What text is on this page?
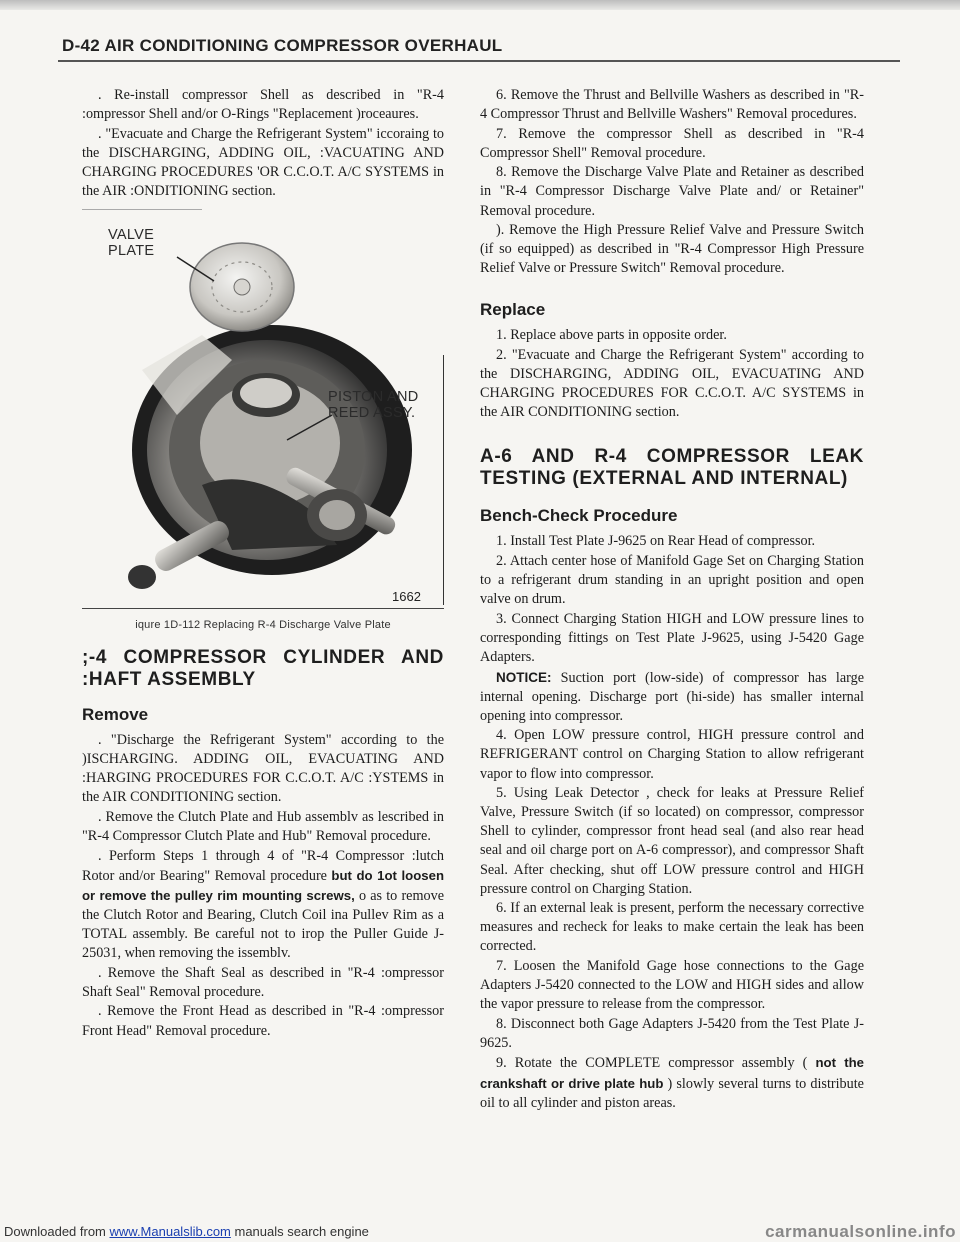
D-42 AIR CONDITIONING COMPRESSOR OVERHAUL

. Re-install compressor Shell as described in "R-4 :ompressor Shell and/or O-Rings "Replacement )roceaures.

. "Evacuate and Charge the Refrigerant System" iccoraing to the DISCHARGING, ADDING OIL, :VACUATING AND CHARGING PROCEDURES 'OR C.C.O.T. A/C SYSTEMS in the AIR :ONDITIONING section.

VALVE
PLATE
PISTON AND
REED ASSY.
1662
iqure 1D-112 Replacing R-4 Discharge Valve Plate
;-4 COMPRESSOR CYLINDER AND :HAFT ASSEMBLY
Remove

. "Discharge the Refrigerant System" according to the )ISCHARGING. ADDING OIL, EVACUATING AND :HARGING PROCEDURES FOR C.C.O.T. A/C :YSTEMS in the AIR CONDITIONING section.

. Remove the Clutch Plate and Hub assemblv as lescribed in "R-4 Compressor Clutch Plate and Hub" Removal procedure.

. Perform Steps 1 through 4 of "R-4 Compressor :lutch Rotor and/or Bearing" Removal procedure but do 1ot loosen or remove the pulley rim mounting screws, o as to remove the Clutch Rotor and Bearing, Clutch Coil ina Pullev Rim as a TOTAL assembly. Be careful not to irop the Puller Guide J-25031, when removing the issemblv.

. Remove the Shaft Seal as described in "R-4 :ompressor Shaft Seal" Removal procedure.

. Remove the Front Head as described in "R-4 :ompressor Front Head" Removal procedure.

6. Remove the Thrust and Bellville Washers as described in "R-4 Compressor Thrust and Bellville Washers" Removal procedures.

7. Remove the compressor Shell as described in "R-4 Compressor Shell" Removal procedure.

8. Remove the Discharge Valve Plate and Retainer as described in "R-4 Compressor Discharge Valve Plate and/ or Retainer" Removal procedure.

). Remove the High Pressure Relief Valve and Pressure Switch (if so equipped) as described in "R-4 Compressor High Pressure Relief Valve or Pressure Switch" Removal procedure.

Replace

1. Replace above parts in opposite order.

2. "Evacuate and Charge the Refrigerant System" according to the DISCHARGING, ADDING OIL, EVACUATING AND CHARGING PROCEDURES FOR C.C.O.T. A/C SYSTEMS in the AIR CONDITIONING section.

A-6 AND R-4 COMPRESSOR LEAK TESTING (EXTERNAL AND INTERNAL)
Bench-Check Procedure

1. Install Test Plate J-9625 on Rear Head of compressor.

2. Attach center hose of Manifold Gage Set on Charging Station to a refrigerant drum standing in an upright position and open valve on drum.

3. Connect Charging Station HIGH and LOW pressure lines to corresponding fittings on Test Plate J-9625, using J-5420 Gage Adapters.

NOTICE: Suction port (low-side) of compressor has large internal opening. Discharge port (hi-side) has smaller internal opening into compressor.

4. Open LOW pressure control, HIGH pressure control and REFRIGERANT control on Charging Station to allow refrigerant vapor to flow into compressor.

5. Using Leak Detector , check for leaks at Pressure Relief Valve, Pressure Switch (if so located) on compressor, compressor Shell to cylinder, compressor front head seal (and also rear head seal and oil charge port on A-6 compressor), and compressor Shaft Seal. After checking, shut off LOW pressure control and HIGH pressure control on Charging Station.

6. If an external leak is present, perform the necessary corrective measures and recheck for leaks to make certain the leak has been corrected.

7. Loosen the Manifold Gage hose connections to the Gage Adapters J-5420 connected to the LOW and HIGH sides and allow the vapor pressure to release from the compressor.

8. Disconnect both Gage Adapters J-5420 from the Test Plate J-9625.

9. Rotate the COMPLETE compressor assembly ( not the crankshaft or drive plate hub ) slowly several turns to distribute oil to all cylinder and piston areas.

Downloaded from www.Manualslib.com manuals search engine	carmanualsonline.info
